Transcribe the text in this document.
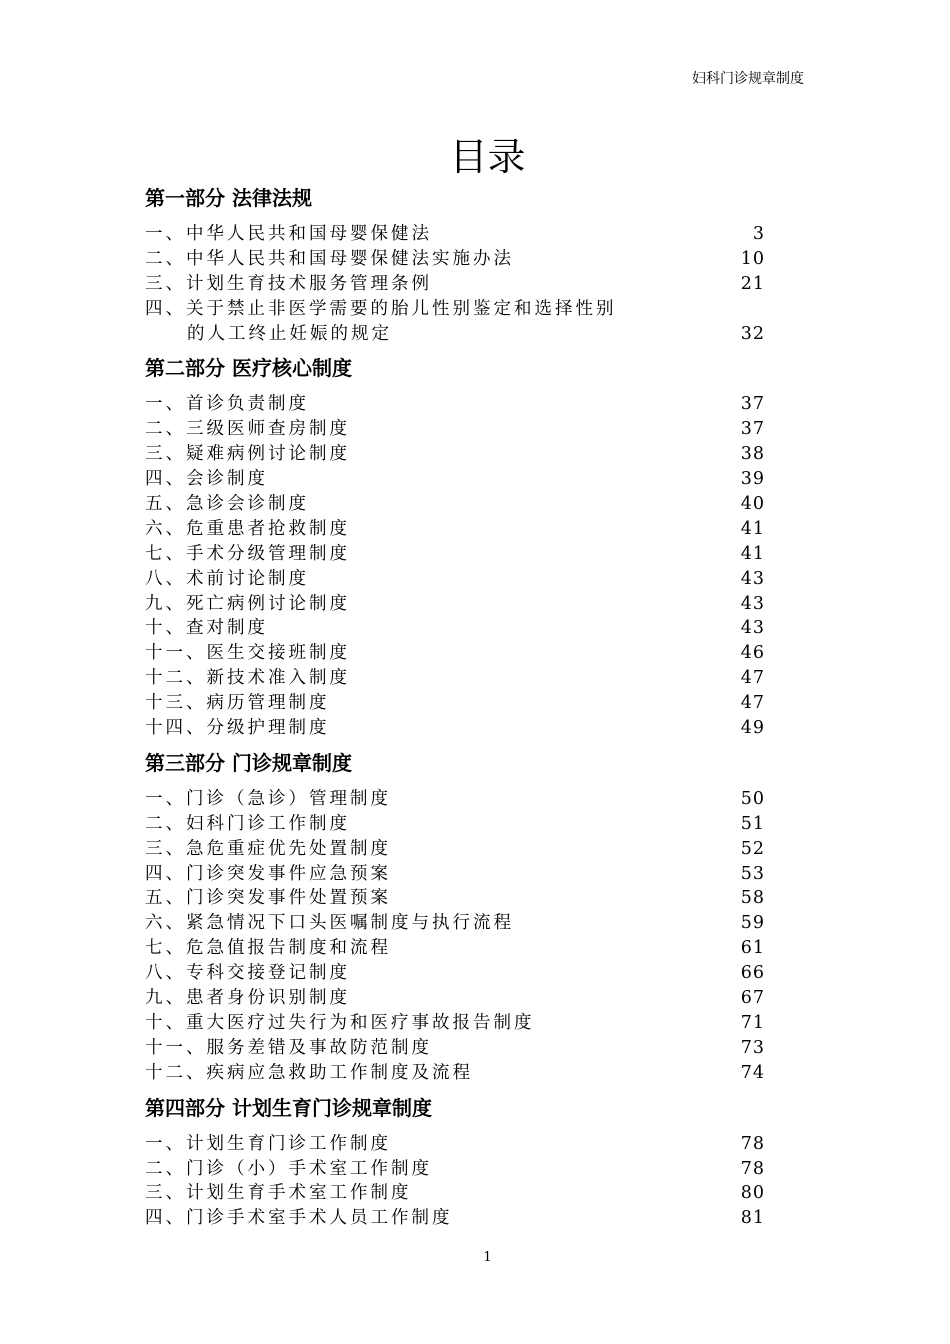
妇科门诊规章制度
目录
第一部分 法律法规
一、中华人民共和国母婴保健法	3
二、中华人民共和国母婴保健法实施办法	10
三、计划生育技术服务管理条例	21
四、关于禁止非医学需要的胎儿性别鉴定和选择性别
的人工终止妊娠的规定	32
第二部分 医疗核心制度
一、首诊负责制度	37
二、三级医师查房制度	37
三、疑难病例讨论制度	38
四、会诊制度	39
五、急诊会诊制度	40
六、危重患者抢救制度	41
七、手术分级管理制度	41
八、术前讨论制度	43
九、死亡病例讨论制度	43
十、查对制度	43
十一、医生交接班制度	46
十二、新技术准入制度	47
十三、病历管理制度	47
十四、分级护理制度	49
第三部分 门诊规章制度
一、门诊（急诊）管理制度	50
二、妇科门诊工作制度	51
三、急危重症优先处置制度	52
四、门诊突发事件应急预案	53
五、门诊突发事件处置预案	58
六、紧急情况下口头医嘱制度与执行流程	59
七、危急值报告制度和流程	61
八、专科交接登记制度	66
九、患者身份识别制度	67
十、重大医疗过失行为和医疗事故报告制度	71
十一、服务差错及事故防范制度	73
十二、疾病应急救助工作制度及流程	74
第四部分 计划生育门诊规章制度
一、计划生育门诊工作制度	78
二、门诊（小）手术室工作制度	78
三、计划生育手术室工作制度	80
四、门诊手术室手术人员工作制度	81
1
